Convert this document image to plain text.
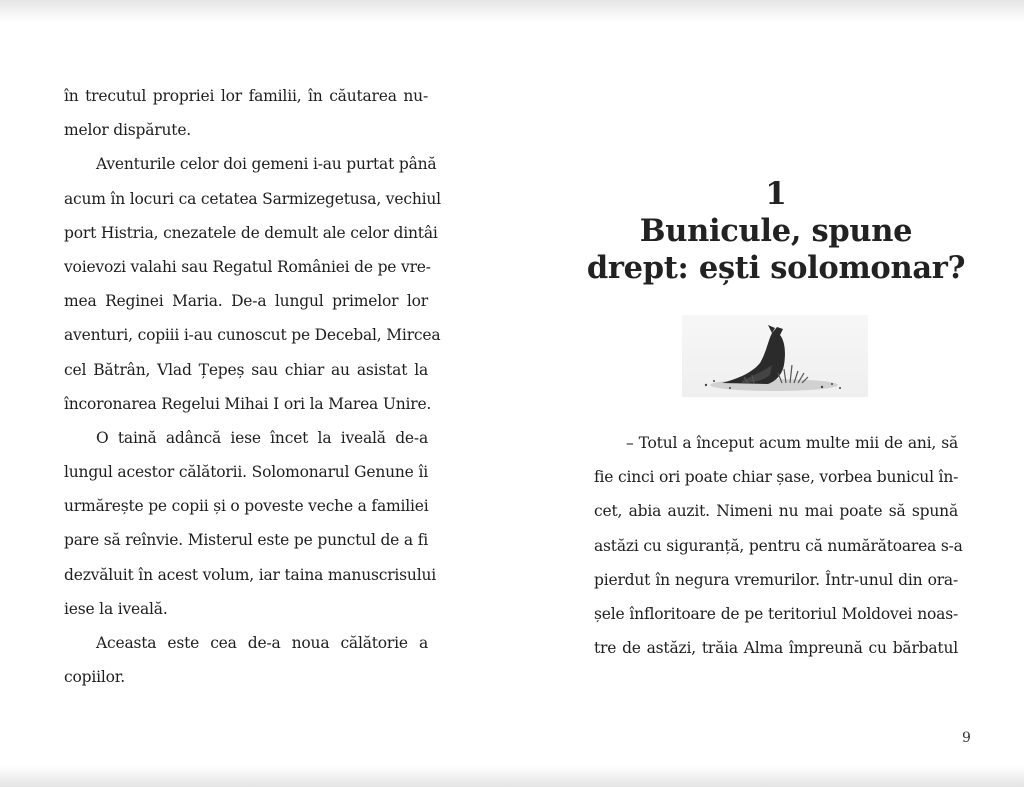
în trecutul propriei lor familii, în căutarea nu-
melor dispărute.
Aventurile celor doi gemeni i-au purtat până
acum în locuri ca cetatea Sarmizegetusa, vechiul
port Histria, cnezatele de demult ale celor dintâi
voievozi valahi sau Regatul României de pe vre-
mea Reginei Maria. De-a lungul primelor lor
aventuri, copiii i-au cunoscut pe Decebal, Mircea
cel Bătrân, Vlad Țepeș sau chiar au asistat la
încoronarea Regelui Mihai I ori la Marea Unire.
O taină adâncă iese încet la iveală de-a
lungul acestor călătorii. Solomonarul Genune îi
urmărește pe copii și o poveste veche a familiei
pare să reînvie. Misterul este pe punctul de a fi
dezvăluit în acest volum, iar taina manuscrisului
iese la iveală.
Aceasta este cea de-a noua călătorie a
copiilor.
1
Bunicule, spune
drept: ești solomonar?
– Totul a început acum multe mii de ani, să
fie cinci ori poate chiar șase, vorbea bunicul în-
cet, abia auzit. Nimeni nu mai poate să spună
astăzi cu siguranță, pentru că numărătoarea s-a
pierdut în negura vremurilor. Într-unul din ora-
șele înfloritoare de pe teritoriul Moldovei noas-
tre de astăzi, trăia Alma împreună cu bărbatul
9
